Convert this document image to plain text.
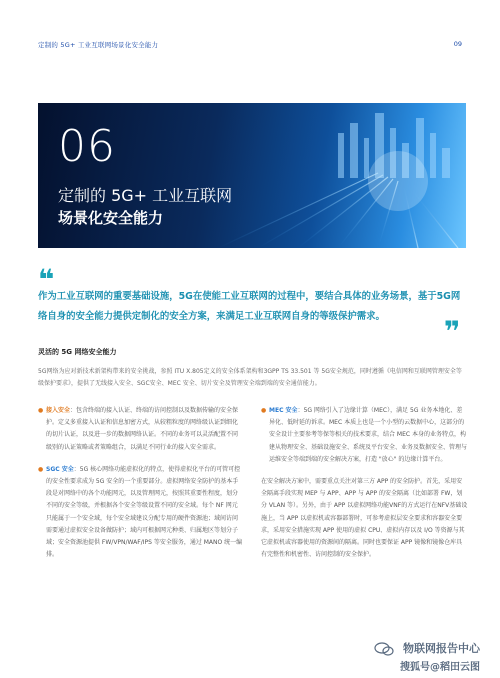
定制的 5G+ 工业互联网场景化安全能力	09
06
定制的 5G+ 工业互联网
场景化安全能力
❝
作为工业互联网的重要基础设施，5G在使能工业互联网的过程中，要结合具体的业务场景，基于5G网络自身的安全能力提供定制化的安全方案，来满足工业互联网自身的等级保护需求。	❞
灵活的 5G 网络安全能力
5G网络为应对新技术新架构带来的安全挑战，参照 ITU X.805定义的安全体系架构和3GPP TS 33.501 等 5G安全规范，同时遵循《电信网和互联网管理安全等级保护要求》，提供了无线接入安全、SGC安全、MEC 安全、切片安全及管理安全端到端的安全通信能力。
● 接入安全：包含终端的接入认证、终端的访问控制以及数据传输的安全保护。定义多重接入认证和信息加密方式，从较粗粒度的网络级认证到细化的切片认证，以及进一步的数据网络认证。不同的业务可以灵活配置不同级别的认证策略或者策略组合，以满足不同行业的接入安全需求。
● SGC 安全：5G 核心网络功能虚拟化的特点，使得虚拟化平台的可管可控的安全性要求成为 5G 安全的一个重要部分。虚拟网络安全防护的基本手段是对网络中的各个功能网元，以及管理网元，按照其重要性程度，划分不同的安全等级，并根据各个安全等级设置不同的安全域。每个 NF 网元只能属于一个安全域，每个安全域建议分配专用的硬件资源池；域间访问需要通过虚拟安全设备做防护；域内可根据网元种类、归属地区等划分子域；安全资源池提供 FW/VPN/WAF/IPS 等安全服务，通过 MANO 统一编排。
● MEC 安全：5G 网络引入了边缘计算（MEC），满足 5G 业务本地化、差异化、低时延的诉求。MEC 本质上也是一个小型的云数据中心，这部分的安全设计主要参考等保等相关的技术要求，结合 MEC 本身的业务特点，构建从物理安全、基础设施安全、系统及平台安全、业务及数据安全、管理与运维安全等端到端的安全解决方案，打造 "放心" 的边缘计算平台。
在安全解决方案中，需要重点关注对第三方 APP 的安全防护。首先，采用安全隔离手段实现 MEP 与 APP、APP 与 APP 的安全隔离（比如部署 FW，划分 VLAN 等）。另外，由于 APP 以虚拟网络功能VNF的方式运行在NFV基础设施上，当 APP 以虚拟机或容器部署时，可参考虚拟层安全要求和容器安全要求，采用安全措施实现 APP 使用的虚拟 CPU、虚拟内存以及 I/O 等资源与其它虚拟机或容器使用的资源间的隔离。同时也要保证 APP 镜像和镜像仓库具有完整性和机密性、访问控制的安全保护。
物联网报告中心
搜狐号@稻田云图
